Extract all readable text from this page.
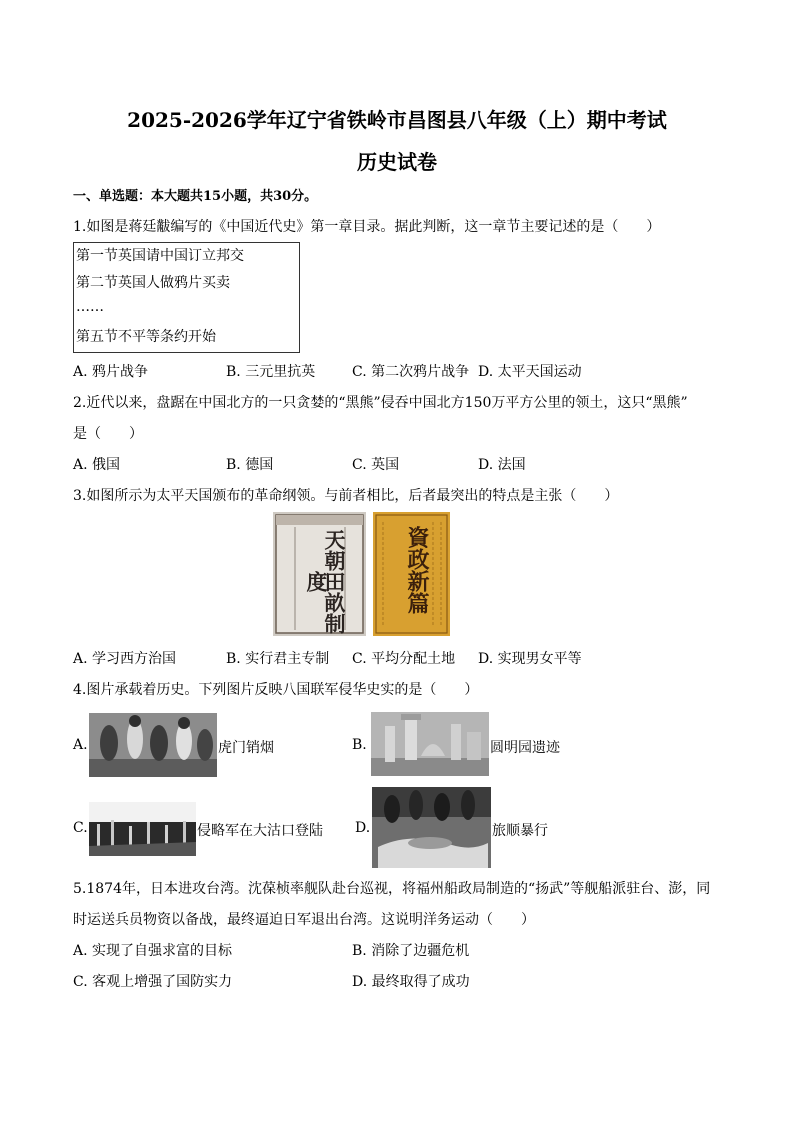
2025-2026学年辽宁省铁岭市昌图县八年级（上）期中考试
历史试卷
一、单选题：本大题共15小题，共30分。
1.如图是蒋廷黻编写的《中国近代史》第一章目录。据此判断，这一章节主要记述的是（　　）
第一节英国请中国订立邦交
第二节英国人做鸦片买卖
……
第五节不平等条约开始
A. 鸦片战争	B. 三元里抗英	C. 第二次鸦片战争 D. 太平天国运动
2.近代以来，盘踞在中国北方的一只贪婪的“黑熊”侵吞中国北方150万平方公里的领土，这只“黑熊”
是（　　）
A. 俄国	B. 德国	C. 英国	D. 法国
3.如图所示为太平天国颁布的革命纲领。与前者相比，后者最突出的特点是主张（　　）
天朝田畝制度	資政新篇
A. 学习西方治国	B. 实行君主专制 C. 平均分配土地 D. 实现男女平等
4.图片承载着历史。下列图片反映八国联军侵华史实的是（　　）
A.	虎门销烟	B.	圆明园遗迹
C.	侵略军在大沽口登陆 D.	旅顺暴行
5.1874年，日本进攻台湾。沈葆桢率舰队赴台巡视，将福州船政局制造的“扬武”等舰船派驻台、澎，同
时运送兵员物资以备战，最终逼迫日军退出台湾。这说明洋务运动（　　）
A. 实现了自强求富的目标	B. 消除了边疆危机
C. 客观上增强了国防实力	D. 最终取得了成功
